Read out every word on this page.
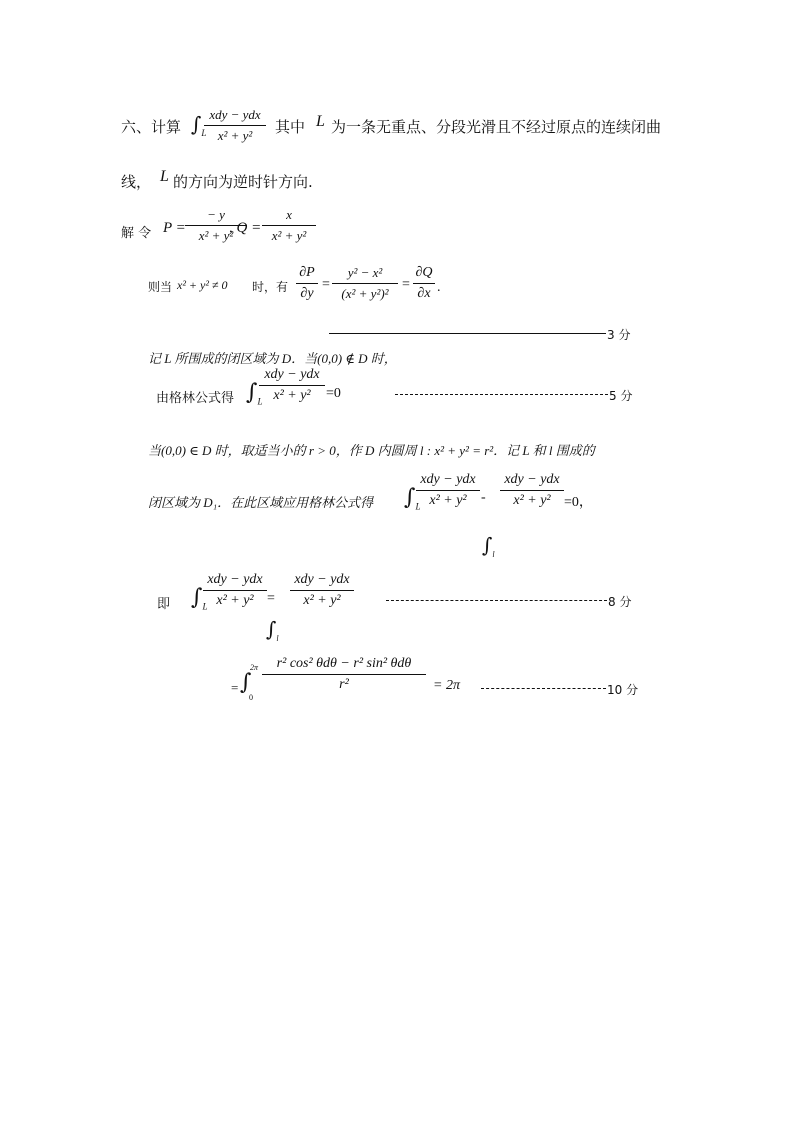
六、计算 $\int_L$
xdy − ydx
x² + y²	其中 L 为一条无重点、分段光滑且不经过原点的连续闭曲
线， L 的方向为逆时针方向.
解 令 P =
− y
x² + y²
, Q =
x
x² + y²
则当 x² + y² ≠ 0 时，有
∂P
∂y
=
y² − x²
(x² + y²)²
=
∂Q
∂x .
3 分
记 L 所围成的闭区域为 D．当(0,0) ∉ D 时，
由格林公式得 $\int_L$
xdy − ydx
x² + y²	=0	5 分
当(0,0) ∈ D 时，取适当小的 r > 0，作 D 内圆周 l : x² + y² = r²．记 L 和 l 围成的
闭区域为 D₁．在此区域应用格林公式得 $\int_L$
xdy − ydx
x² + y²	-
xdy − ydx
x² + y² =0，
$\int_l$
即 $\int_L$
xdy − ydx
x² + y² =
xdy − ydx
x² + y²
$\int_l$
8 分
= ∫
2π
0
r² cos² θdθ − r² sin² θdθ
r²	= 2π	10 分
